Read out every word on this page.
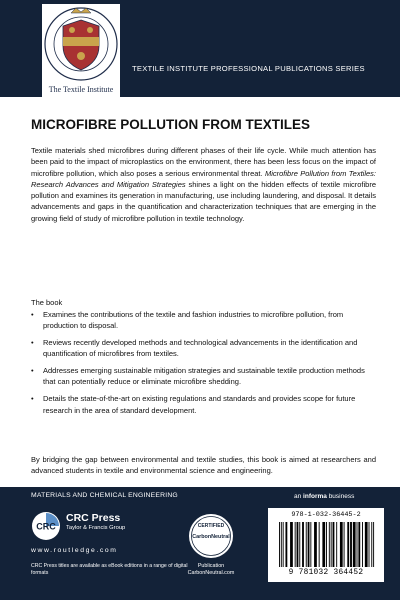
The Textile Institute
TEXTILE INSTITUTE PROFESSIONAL PUBLICATIONS SERIES
MICROFIBRE POLLUTION FROM TEXTILES
Textile materials shed microfibres during different phases of their life cycle. While much attention has been paid to the impact of microplastics on the environment, there has been less focus on the impact of microfibre pollution, which also poses a serious environmental threat. Microfibre Pollution from Textiles: Research Advances and Mitigation Strategies shines a light on the hidden effects of textile microfibre pollution and examines its generation in manufacturing, use including laundering, and disposal. It details advancements and gaps in the quantification and characterization techniques that are emerging in the growing field of study of microfibre pollution in textile technology.
The book
• Examines the contributions of the textile and fashion industries to microfibre pollution, from production to disposal.
• Reviews recently developed methods and technological advancements in the identification and quantification of microfibres from textiles.
• Addresses emerging sustainable mitigation strategies and sustainable textile production methods that can potentially reduce or eliminate microfibre shedding.
• Details the state-of-the-art on existing regulations and standards and provides scope for future research in the area of standard development.
By bridging the gap between environmental and textile studies, this book is aimed at researchers and advanced students in textile and environmental science and engineering.
MATERIALS AND CHEMICAL ENGINEERING
CRC
CRC Press
Taylor & Francis Group
www.routledge.com
CRC Press titles are available as eBook editions in a range of digital formats
CERTIFIED
CarbonNeutral
Publication
CarbonNeutral.com
an informa business
978-1-032-36445-2
9 781032 364452
